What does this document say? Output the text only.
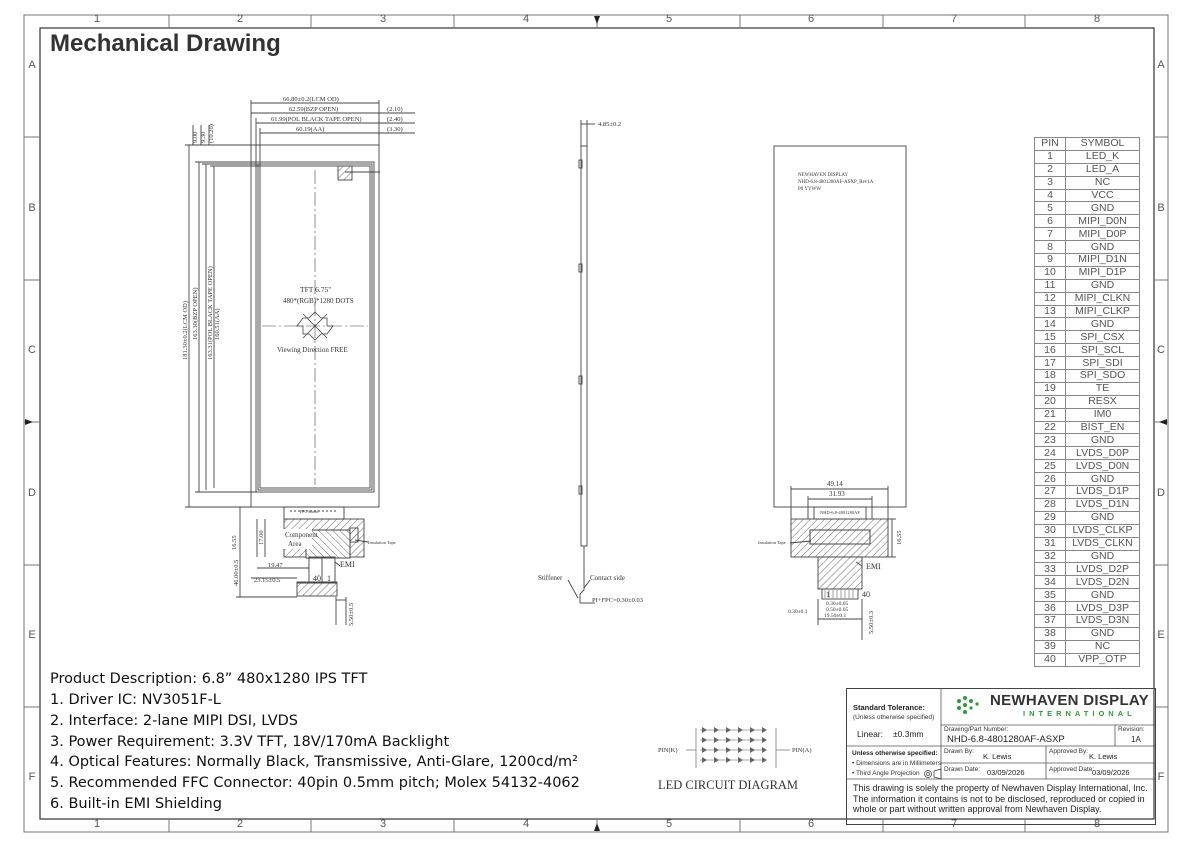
1	2	3	4	5	6	7	8
1	2	3	4	5	6	7	8
A
B
C
D
E
F
A
B
C
D
E
F
Mechanical Drawing
66.80±0.2(LCM OD)
62.59(BZP OPEN)
61.99(POL BLACK TAPE OPEN)
60.19(AA)
(2.10)
(2.40)
(3.30)
9.00 9.30 (10.20)
181.30±0.2(LCM OD) 163.30(BZP OPEN) 163.31(POL BLACK TAPE OPEN) 160.51(AA)
TFT 6.75"
480*(RGB)*1280 DOTS
Viewing Direction FREE
FPC Shield
Component
Area	Insulation Tape
EMI
40 1
17.00
16.55
19.47
23.15±0.5
46.00±0.5
5.50±0.5
4.85±0.2
Stiffener	Contact side
PI+FPC=0.30±0.03
NEWHAVEN DISPLAY
NHD-6.8-4801280AF-ASXP_Rev1A
P0 YYWW
49.14
31.93
NHD-6.8-4801280AF
16.55
Insulation Tape
EMI
1	40
0.30±0.05
0.50±0.05
19.50±0.1
0.30±0.1	5.50±0.3
PIN(K)	PIN(A)
LED CIRCUIT DIAGRAM
PIN	SYMBOL
1	LED_K
2	LED_A
3	NC
4	VCC
5	GND
6	MIPI_D0N
7	MIPI_D0P
8	GND
9	MIPI_D1N
10	MIPI_D1P
11	GND
12	MIPI_CLKN
13	MIPI_CLKP
14	GND
15	SPI_CSX
16	SPI_SCL
17	SPI_SDI
18	SPI_SDO
19	TE
20	RESX
21	IM0
22	BIST_EN
23	GND
24	LVDS_D0P
25	LVDS_D0N
26	GND
27	LVDS_D1P
28	LVDS_D1N
29	GND
30	LVDS_CLKP
31	LVDS_CLKN
32	GND
33	LVDS_D2P
34	LVDS_D2N
35	GND
36	LVDS_D3P
37	LVDS_D3N
38	GND
39	NC
40	VPP_OTP
Product Description: 6.8” 480x1280 IPS TFT
1. Driver IC: NV3051F-L
2. Interface: 2-lane MIPI DSI, LVDS
3. Power Requirement: 3.3V TFT, 18V/170mA Backlight
4. Optical Features: Normally Black, Transmissive, Anti-Glare, 1200cd/m²
5. Recommended FFC Connector: 40pin 0.5mm pitch; Molex 54132-4062
6. Built-in EMI Shielding
Standard Tolerance:
(Unless otherwise specified)
Linear: ±0.3mm
Unless otherwise specified:
• Dimensions are in Millimeters
• Third Angle Projection
NEWHAVEN DISPLAY
INTERNATIONAL
Drawing/Part Number:
NHD-6.8-4801280AF-ASXP
Revision:
1A
Drawn By:
K. Lewis
Approved By:
K. Lewis
Drawn Date: 03/09/2026	Approved Date:
03/09/2026
This drawing is solely the property of Newhaven Display International, Inc. The information it contains is not to be disclosed, reproduced or copied in whole or part without written approval from Newhaven Display.
